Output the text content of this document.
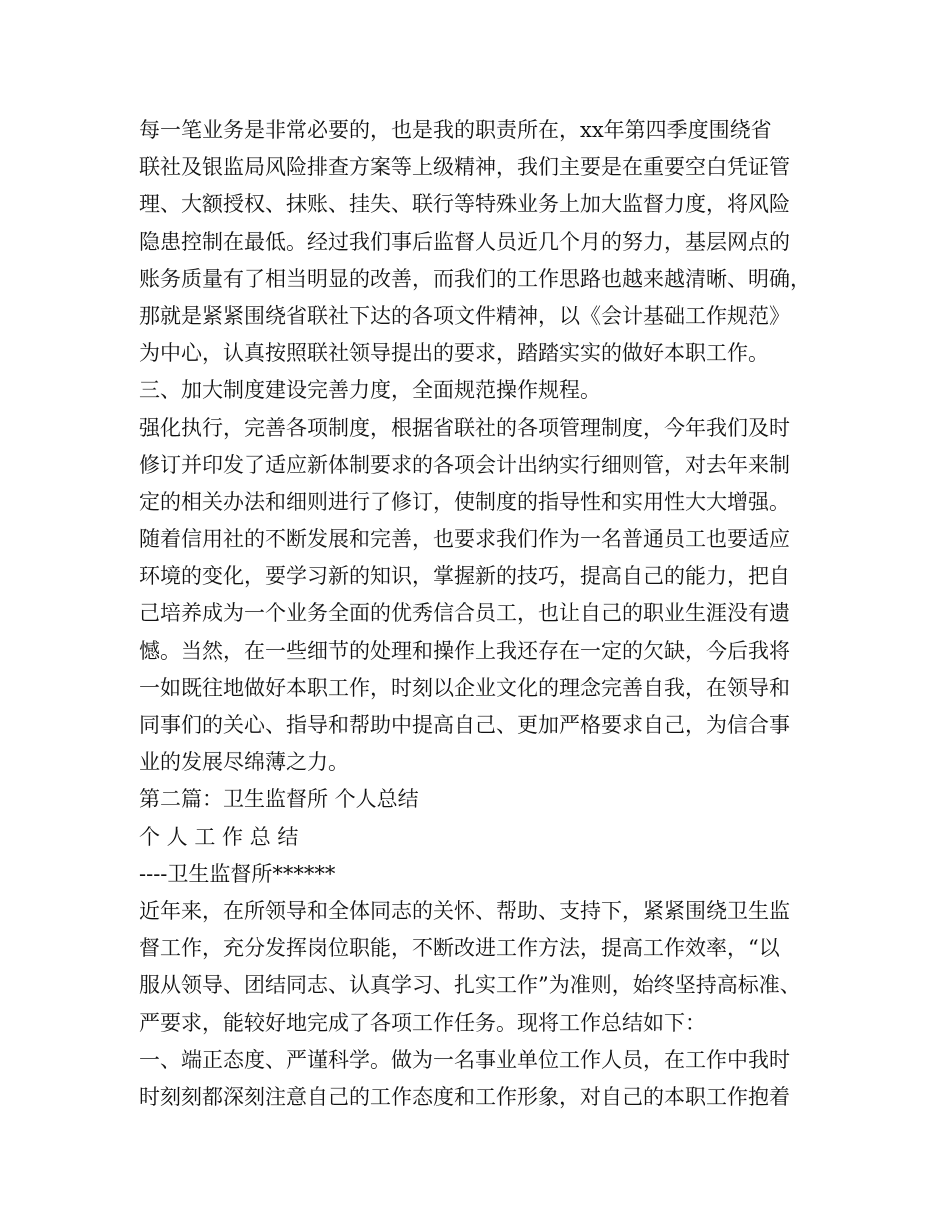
每一笔业务是非常必要的，也是我的职责所在，xx年第四季度围绕省
联社及银监局风险排查方案等上级精神，我们主要是在重要空白凭证管
理、大额授权、抹账、挂失、联行等特殊业务上加大监督力度，将风险
隐患控制在最低。经过我们事后监督人员近几个月的努力，基层网点的
账务质量有了相当明显的改善，而我们的工作思路也越来越清晰、明确，
那就是紧紧围绕省联社下达的各项文件精神，以《会计基础工作规范》
为中心，认真按照联社领导提出的要求，踏踏实实的做好本职工作。
三、加大制度建设完善力度，全面规范操作规程。
强化执行，完善各项制度，根据省联社的各项管理制度，今年我们及时
修订并印发了适应新体制要求的各项会计出纳实行细则管，对去年来制
定的相关办法和细则进行了修订，使制度的指导性和实用性大大增强。
随着信用社的不断发展和完善，也要求我们作为一名普通员工也要适应
环境的变化，要学习新的知识，掌握新的技巧，提高自己的能力，把自
己培养成为一个业务全面的优秀信合员工，也让自己的职业生涯没有遗
憾。当然，在一些细节的处理和操作上我还存在一定的欠缺，今后我将
一如既往地做好本职工作，时刻以企业文化的理念完善自我，在领导和
同事们的关心、指导和帮助中提高自己、更加严格要求自己，为信合事
业的发展尽绵薄之力。
第二篇：卫生监督所 个人总结
个 人 工 作 总 结
----卫生监督所******
近年来，在所领导和全体同志的关怀、帮助、支持下，紧紧围绕卫生监
督工作，充分发挥岗位职能，不断改进工作方法，提高工作效率，“以
服从领导、团结同志、认真学习、扎实工作”为准则，始终坚持高标准、
严要求，能较好地完成了各项工作任务。现将工作总结如下：
一、端正态度、严谨科学。做为一名事业单位工作人员，在工作中我时
时刻刻都深刻注意自己的工作态度和工作形象，对自己的本职工作抱着
